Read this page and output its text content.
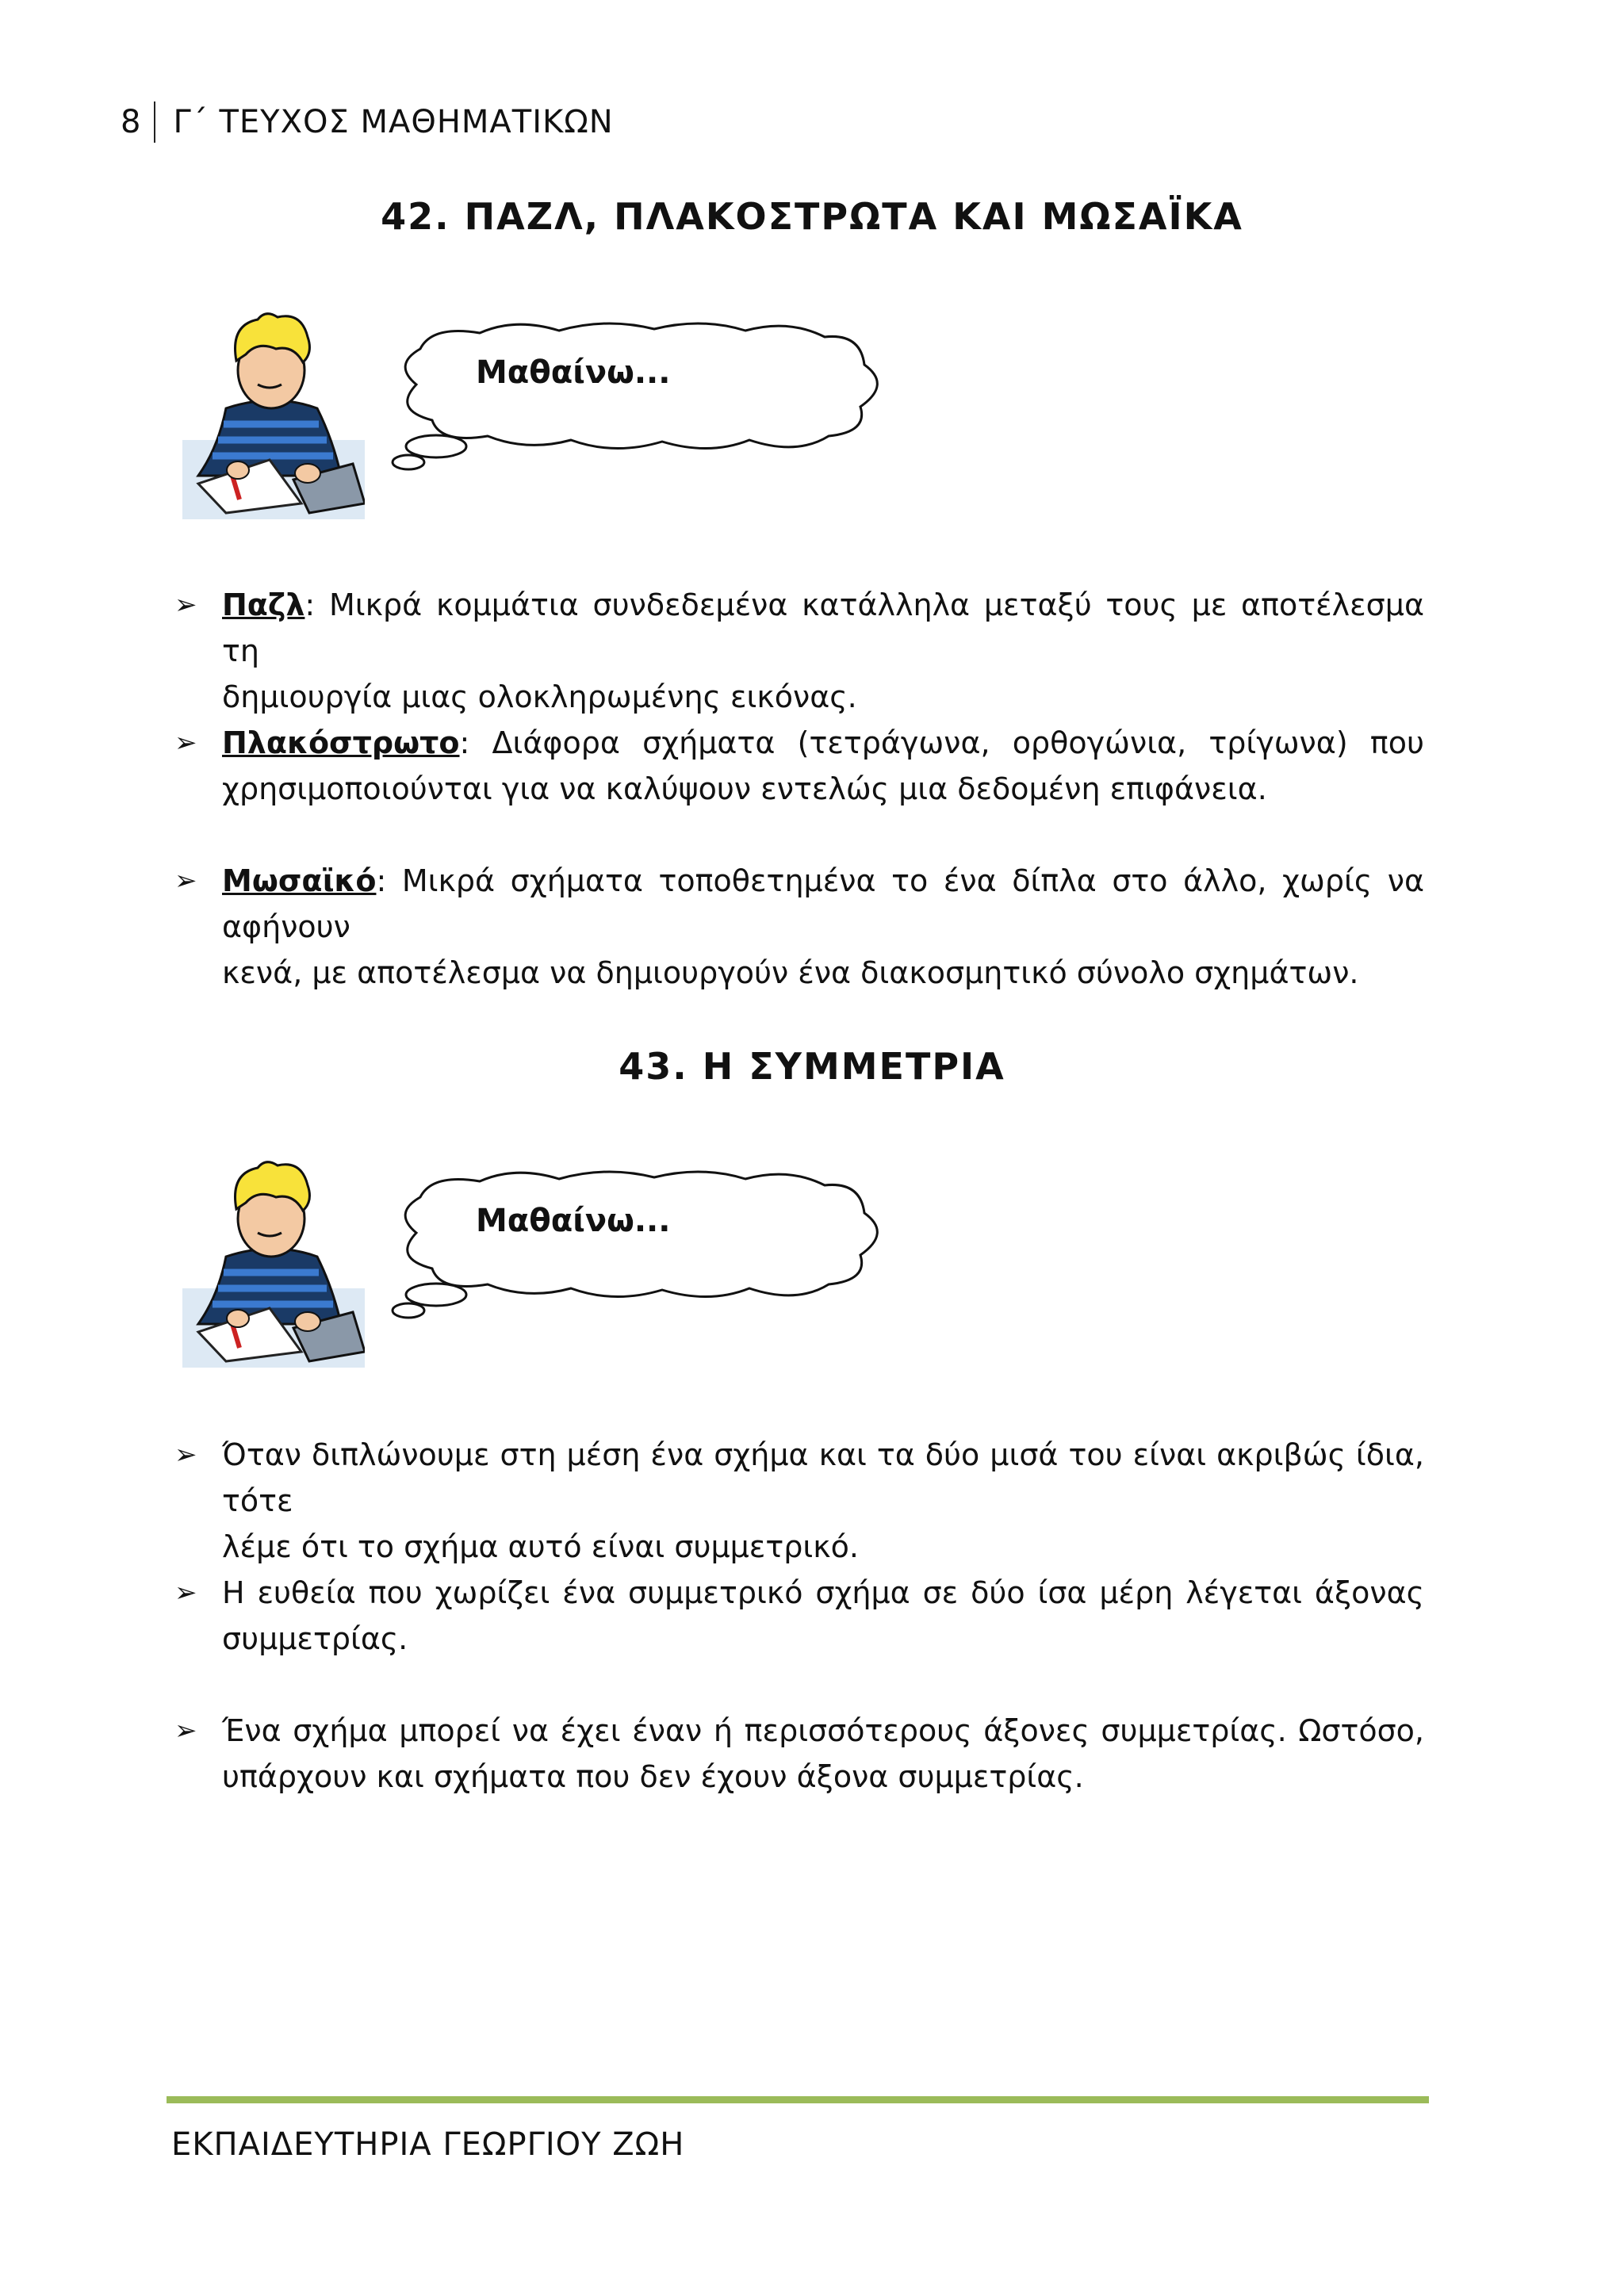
8	Γ΄ ΤΕΥΧΟΣ ΜΑΘΗΜΑΤΙΚΩΝ
42. ΠΑΖΛ, ΠΛΑΚΟΣΤΡΩΤΑ ΚΑΙ ΜΩΣΑΪΚΑ
Μαθαίνω...
➢ Παζλ: Μικρά κομμάτια συνδεδεμένα κατάλληλα μεταξύ τους με αποτέλεσμα τη
δημιουργία μιας ολοκληρωμένης εικόνας.
➢ Πλακόστρωτο: Διάφορα σχήματα (τετράγωνα, ορθογώνια, τρίγωνα) που
χρησιμοποιούνται για να καλύψουν εντελώς μια δεδομένη επιφάνεια.
➢ Μωσαϊκό: Μικρά σχήματα τοποθετημένα το ένα δίπλα στο άλλο, χωρίς να αφήνουν
κενά, με αποτέλεσμα να δημιουργούν ένα διακοσμητικό σύνολο σχημάτων.
43. Η ΣΥΜΜΕΤΡΙΑ
Μαθαίνω...
➢ Όταν διπλώνουμε στη μέση ένα σχήμα και τα δύο μισά του είναι ακριβώς ίδια, τότε
λέμε ότι το σχήμα αυτό είναι συμμετρικό.
➢ Η ευθεία που χωρίζει ένα συμμετρικό σχήμα σε δύο ίσα μέρη λέγεται άξονας
συμμετρίας.
➢ Ένα σχήμα μπορεί να έχει έναν ή περισσότερους άξονες συμμετρίας. Ωστόσο,
υπάρχουν και σχήματα που δεν έχουν άξονα συμμετρίας.
ΕΚΠΑΙΔΕΥΤΗΡΙΑ ΓΕΩΡΓΙΟΥ ΖΩΗ
